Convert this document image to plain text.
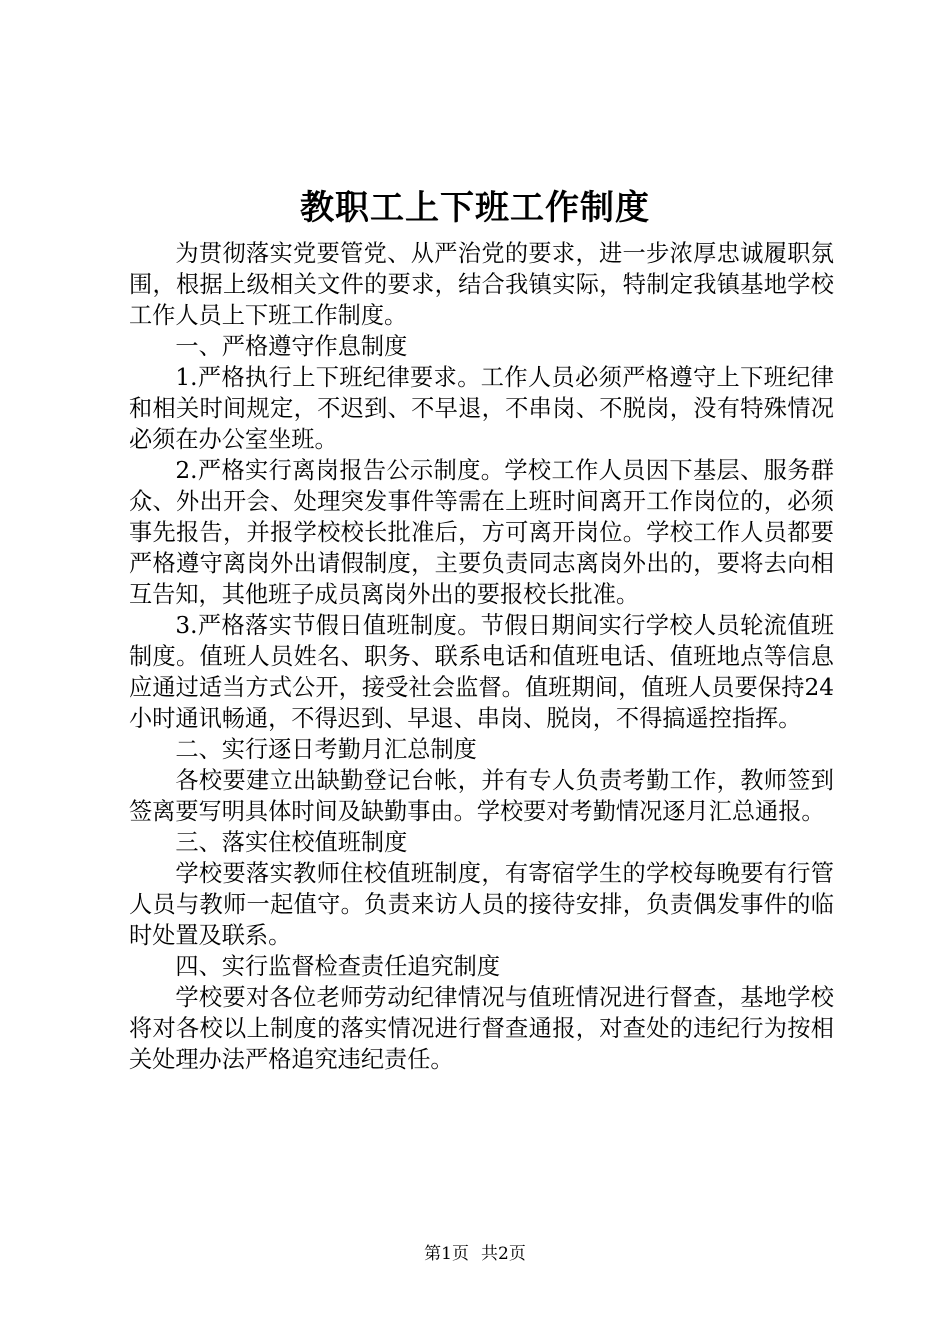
教职工上下班工作制度

为贯彻落实党要管党、从严治党的要求，进一步浓厚忠诚履职氛围，根据上级相关文件的要求，结合我镇实际，特制定我镇基地学校工作人员上下班工作制度。

一、严格遵守作息制度

1.严格执行上下班纪律要求。工作人员必须严格遵守上下班纪律和相关时间规定，不迟到、不早退，不串岗、不脱岗，没有特殊情况必须在办公室坐班。

2.严格实行离岗报告公示制度。学校工作人员因下基层、服务群众、外出开会、处理突发事件等需在上班时间离开工作岗位的，必须事先报告，并报学校校长批准后，方可离开岗位。学校工作人员都要严格遵守离岗外出请假制度，主要负责同志离岗外出的，要将去向相互告知，其他班子成员离岗外出的要报校长批准。

3.严格落实节假日值班制度。节假日期间实行学校人员轮流值班制度。值班人员姓名、职务、联系电话和值班电话、值班地点等信息应通过适当方式公开，接受社会监督。值班期间，值班人员要保持24小时通讯畅通，不得迟到、早退、串岗、脱岗，不得搞遥控指挥。

二、实行逐日考勤月汇总制度

各校要建立出缺勤登记台帐，并有专人负责考勤工作，教师签到签离要写明具体时间及缺勤事由。学校要对考勤情况逐月汇总通报。

三、落实住校值班制度

学校要落实教师住校值班制度，有寄宿学生的学校每晚要有行管人员与教师一起值守。负责来访人员的接待安排，负责偶发事件的临时处置及联系。

四、实行监督检查责任追究制度

学校要对各位老师劳动纪律情况与值班情况进行督查，基地学校将对各校以上制度的落实情况进行督查通报，对查处的违纪行为按相关处理办法严格追究违纪责任。

第1页 共2页
